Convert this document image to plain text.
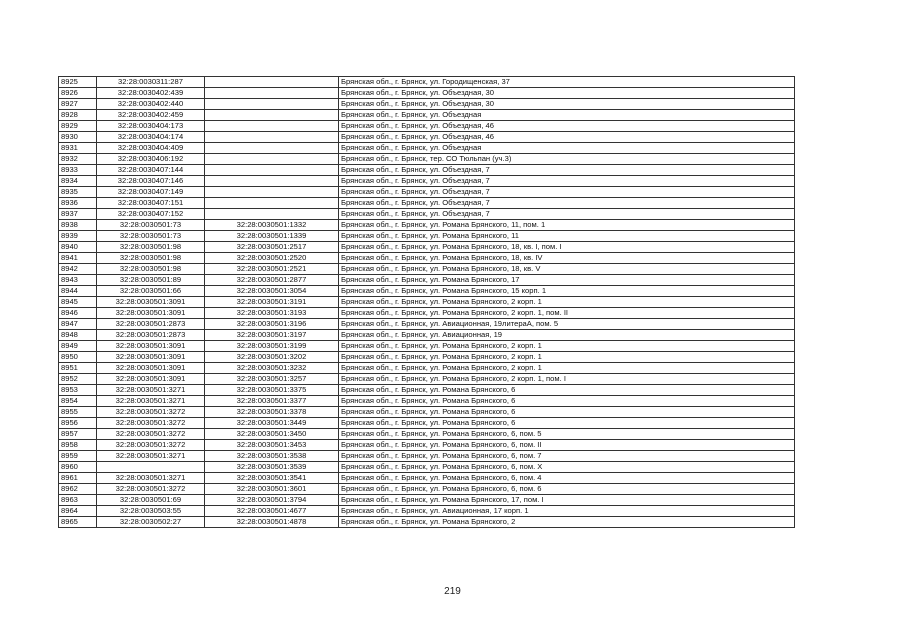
8925	32:28:0030311:287		Брянская обл., г. Брянск, ул. Городищенская, 37
8926	32:28:0030402:439		Брянская обл., г. Брянск, ул. Объездная, 30
8927	32:28:0030402:440		Брянская обл., г. Брянск, ул. Объездная, 30
8928	32:28:0030402:459		Брянская обл., г. Брянск, ул. Объездная
8929	32:28:0030404:173		Брянская обл., г. Брянск, ул. Объездная, 46
8930	32:28:0030404:174		Брянская обл., г. Брянск, ул. Объездная, 46
8931	32:28:0030404:409		Брянская обл., г. Брянск, ул. Объездная
8932	32:28:0030406:192		Брянская обл., г. Брянск, тер. СО Тюльпан (уч.3)
8933	32:28:0030407:144		Брянская обл., г. Брянск, ул. Объездная, 7
8934	32:28:0030407:146		Брянская обл., г. Брянск, ул. Объездная, 7
8935	32:28:0030407:149		Брянская обл., г. Брянск, ул. Объездная, 7
8936	32:28:0030407:151		Брянская обл., г. Брянск, ул. Объездная, 7
8937	32:28:0030407:152		Брянская обл., г. Брянск, ул. Объездная, 7
8938	32:28:0030501:73	32:28:0030501:1332	Брянская обл., г. Брянск, ул. Романа Брянского, 11, пом. 1
8939	32:28:0030501:73	32:28:0030501:1339	Брянская обл., г. Брянск, ул. Романа Брянского, 11
8940	32:28:0030501:98	32:28:0030501:2517	Брянская обл., г. Брянск, ул. Романа Брянского, 18, кв. I, пом. I
8941	32:28:0030501:98	32:28:0030501:2520	Брянская обл., г. Брянск, ул. Романа Брянского, 18, кв. IV
8942	32:28:0030501:98	32:28:0030501:2521	Брянская обл., г. Брянск, ул. Романа Брянского, 18, кв. V
8943	32:28:0030501:89	32:28:0030501:2877	Брянская обл., г. Брянск, ул. Романа Брянского, 17
8944	32:28:0030501:66	32:28:0030501:3054	Брянская обл., г. Брянск, ул. Романа Брянского, 15 корп. 1
8945	32:28:0030501:3091	32:28:0030501:3191	Брянская обл., г. Брянск, ул. Романа Брянского, 2 корп. 1
8946	32:28:0030501:3091	32:28:0030501:3193	Брянская обл., г. Брянск, ул. Романа Брянского, 2 корп. 1, пом. II
8947	32:28:0030501:2873	32:28:0030501:3196	Брянская обл., г. Брянск, ул. Авиационная, 19литераА, пом. 5
8948	32:28:0030501:2873	32:28:0030501:3197	Брянская обл., г. Брянск, ул. Авиационная, 19
8949	32:28:0030501:3091	32:28:0030501:3199	Брянская обл., г. Брянск, ул. Романа Брянского, 2 корп. 1
8950	32:28:0030501:3091	32:28:0030501:3202	Брянская обл., г. Брянск, ул. Романа Брянского, 2 корп. 1
8951	32:28:0030501:3091	32:28:0030501:3232	Брянская обл., г. Брянск, ул. Романа Брянского, 2 корп. 1
8952	32:28:0030501:3091	32:28:0030501:3257	Брянская обл., г. Брянск, ул. Романа Брянского, 2 корп. 1, пом. I
8953	32:28:0030501:3271	32:28:0030501:3375	Брянская обл., г. Брянск, ул. Романа Брянского, 6
8954	32:28:0030501:3271	32:28:0030501:3377	Брянская обл., г. Брянск, ул. Романа Брянского, 6
8955	32:28:0030501:3272	32:28:0030501:3378	Брянская обл., г. Брянск, ул. Романа Брянского, 6
8956	32:28:0030501:3272	32:28:0030501:3449	Брянская обл., г. Брянск, ул. Романа Брянского, 6
8957	32:28:0030501:3272	32:28:0030501:3450	Брянская обл., г. Брянск, ул. Романа Брянского, 6, пом. 5
8958	32:28:0030501:3272	32:28:0030501:3453	Брянская обл., г. Брянск, ул. Романа Брянского, 6, пом. II
8959	32:28:0030501:3271	32:28:0030501:3538	Брянская обл., г. Брянск, ул. Романа Брянского, 6, пом. 7
8960		32:28:0030501:3539	Брянская обл., г. Брянск, ул. Романа Брянского, 6, пом. X
8961	32:28:0030501:3271	32:28:0030501:3541	Брянская обл., г. Брянск, ул. Романа Брянского, 6, пом. 4
8962	32:28:0030501:3272	32:28:0030501:3601	Брянская обл., г. Брянск, ул. Романа Брянского, 6, пом. 6
8963	32:28:0030501:69	32:28:0030501:3794	Брянская обл., г. Брянск, ул. Романа Брянского, 17, пом. I
8964	32:28:0030503:55	32:28:0030501:4677	Брянская обл., г. Брянск, ул. Авиационная, 17 корп. 1
8965	32:28:0030502:27	32:28:0030501:4878	Брянская обл., г. Брянск, ул. Романа Брянского, 2
219
